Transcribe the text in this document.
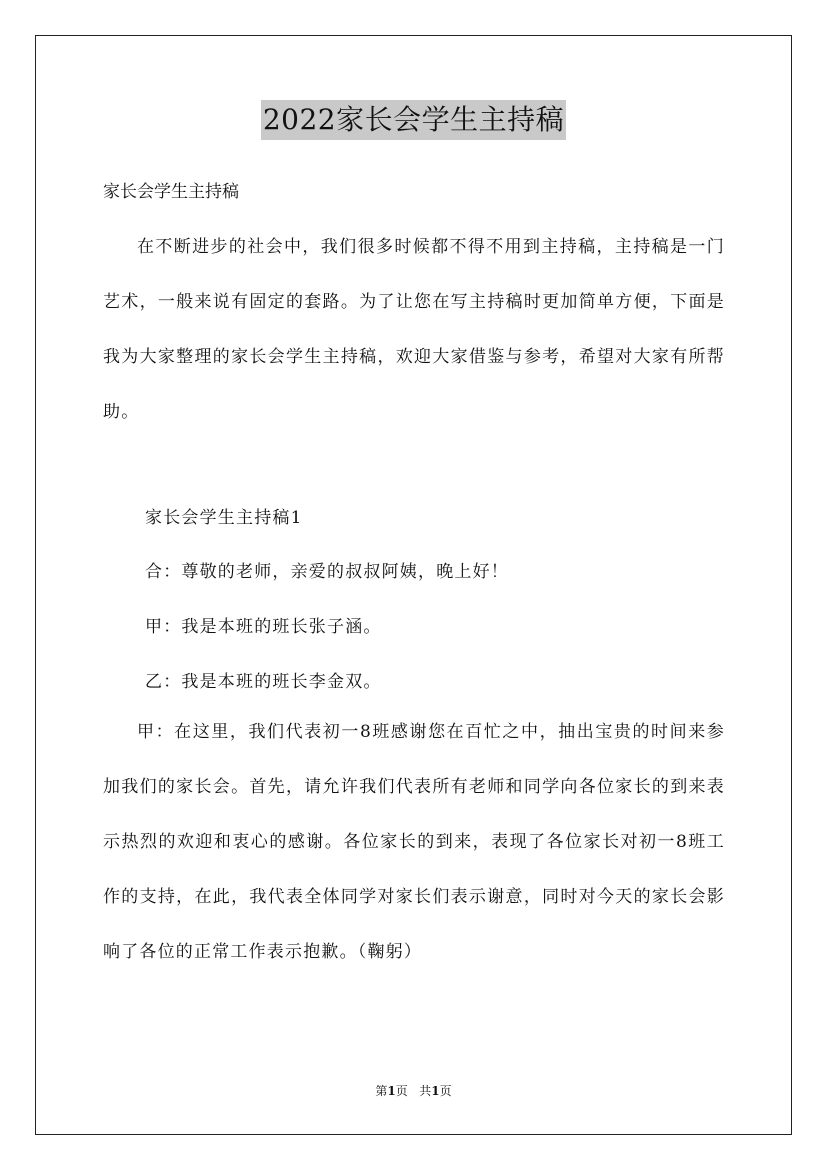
2022家长会学生主持稿
家长会学生主持稿

在不断进步的社会中，我们很多时候都不得不用到主持稿，主持稿是一门艺术，一般来说有固定的套路。为了让您在写主持稿时更加简单方便，下面是我为大家整理的家长会学生主持稿，欢迎大家借鉴与参考，希望对大家有所帮助。

家长会学生主持稿1
合：尊敬的老师，亲爱的叔叔阿姨，晚上好！
甲：我是本班的班长张子涵。
乙：我是本班的班长李金双。

甲：在这里，我们代表初一8班感谢您在百忙之中，抽出宝贵的时间来参加我们的家长会。首先，请允许我们代表所有老师和同学向各位家长的到来表示热烈的欢迎和衷心的感谢。各位家长的到来，表现了各位家长对初一8班工作的支持，在此，我代表全体同学对家长们表示谢意，同时对今天的家长会影响了各位的正常工作表示抱歉。（鞠躬）

第1页   共1页
